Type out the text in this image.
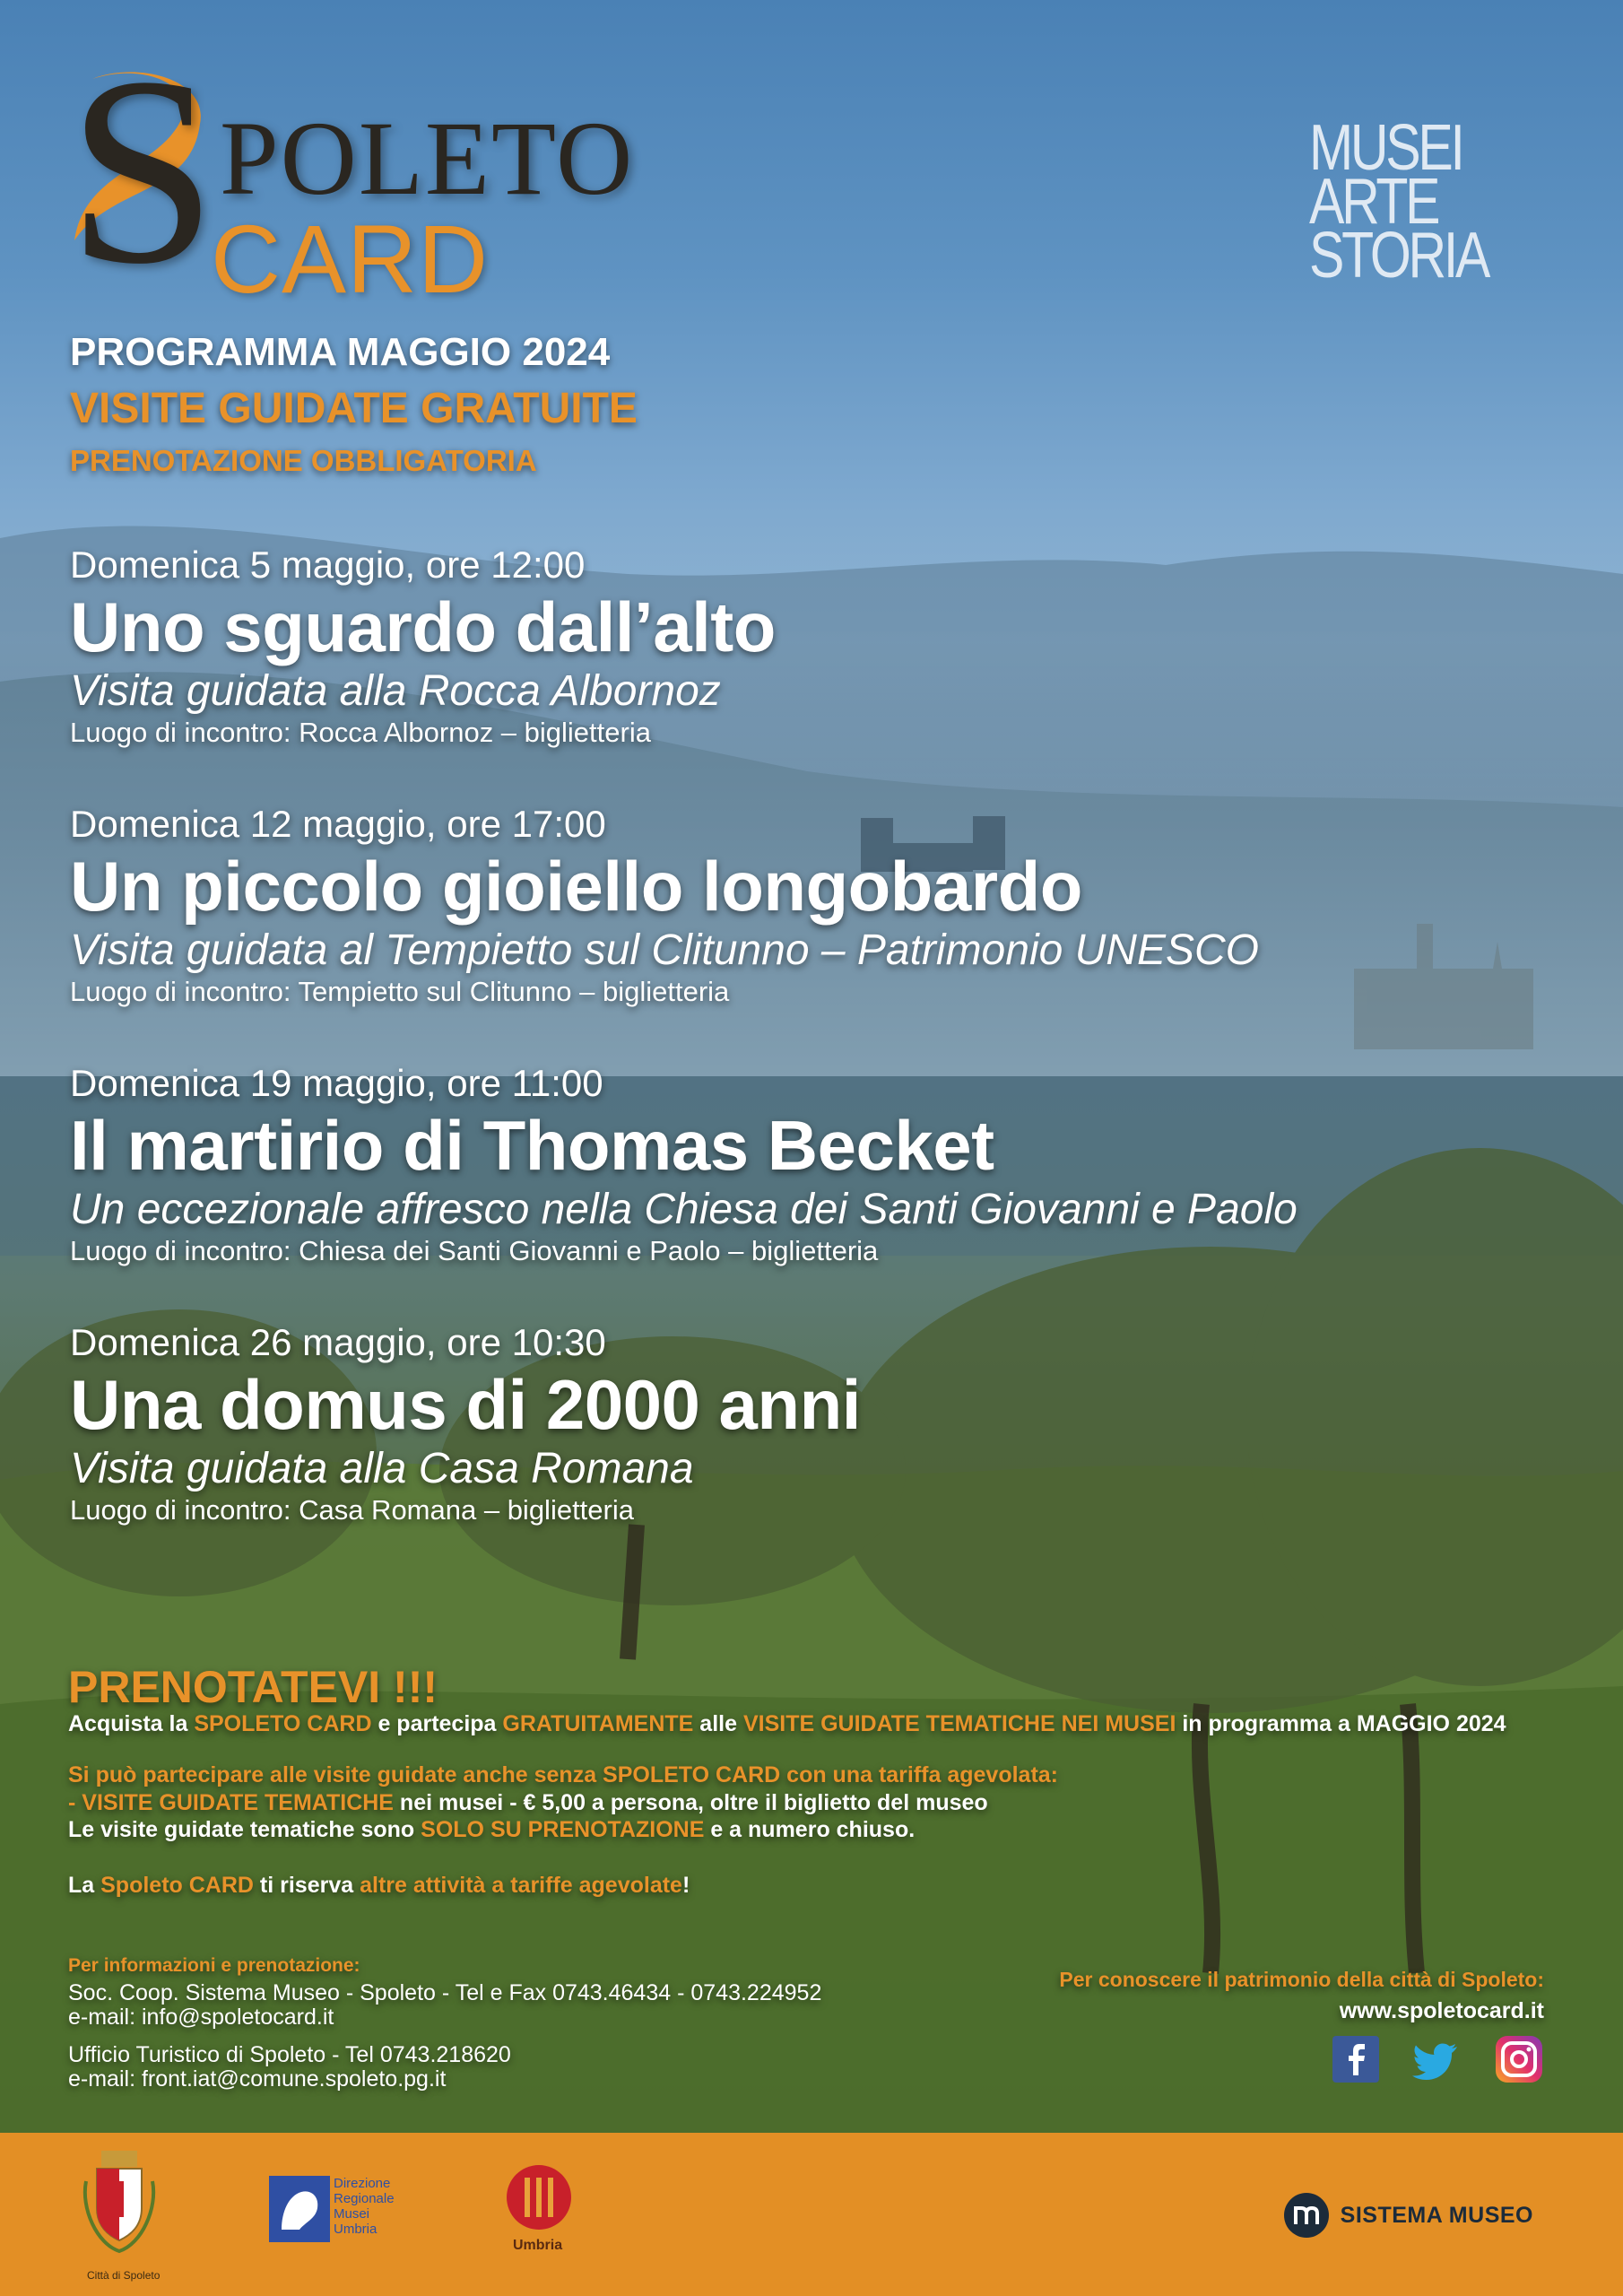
S POLETO
CARD
MUSEI
ARTE
STORIA
PROGRAMMA MAGGIO 2024
VISITE GUIDATE GRATUITE
PRENOTAZIONE OBBLIGATORIA
Domenica 5 maggio, ore 12:00
Uno sguardo dall’alto
Visita guidata alla Rocca Albornoz
Luogo di incontro: Rocca Albornoz – biglietteria
Domenica 12 maggio, ore 17:00
Un piccolo gioiello longobardo
Visita guidata al Tempietto sul Clitunno – Patrimonio UNESCO
Luogo di incontro: Tempietto sul Clitunno – biglietteria
Domenica 19 maggio, ore 11:00
Il martirio di Thomas Becket
Un eccezionale affresco nella Chiesa dei Santi Giovanni e Paolo
Luogo di incontro: Chiesa dei Santi Giovanni e Paolo – biglietteria
Domenica 26 maggio, ore 10:30
Una domus di 2000 anni
Visita guidata alla Casa Romana
Luogo di incontro: Casa Romana – biglietteria
PRENOTATEVI !!!
Acquista la SPOLETO CARD e partecipa GRATUITAMENTE alle VISITE GUIDATE TEMATICHE NEI MUSEI in programma a MAGGIO 2024
Si può partecipare alle visite guidate anche senza SPOLETO CARD con una tariffa agevolata:
- VISITE GUIDATE TEMATICHE nei musei - € 5,00 a persona, oltre il biglietto del museo
Le visite guidate tematiche sono SOLO SU PRENOTAZIONE e a numero chiuso.
La Spoleto CARD ti riserva altre attività a tariffe agevolate!
Per informazioni e prenotazione:
Soc. Coop. Sistema Museo - Spoleto - Tel e Fax 0743.46434 - 0743.224952
e-mail: info@spoletocard.it
Ufficio Turistico di Spoleto - Tel 0743.218620
e-mail: front.iat@comune.spoleto.pg.it
Per conoscere il patrimonio della città di Spoleto:
www.spoletocard.it
Città di Spoleto
Direzione
Regionale
Musei
Umbria
Umbria
SISTEMA MUSEO
